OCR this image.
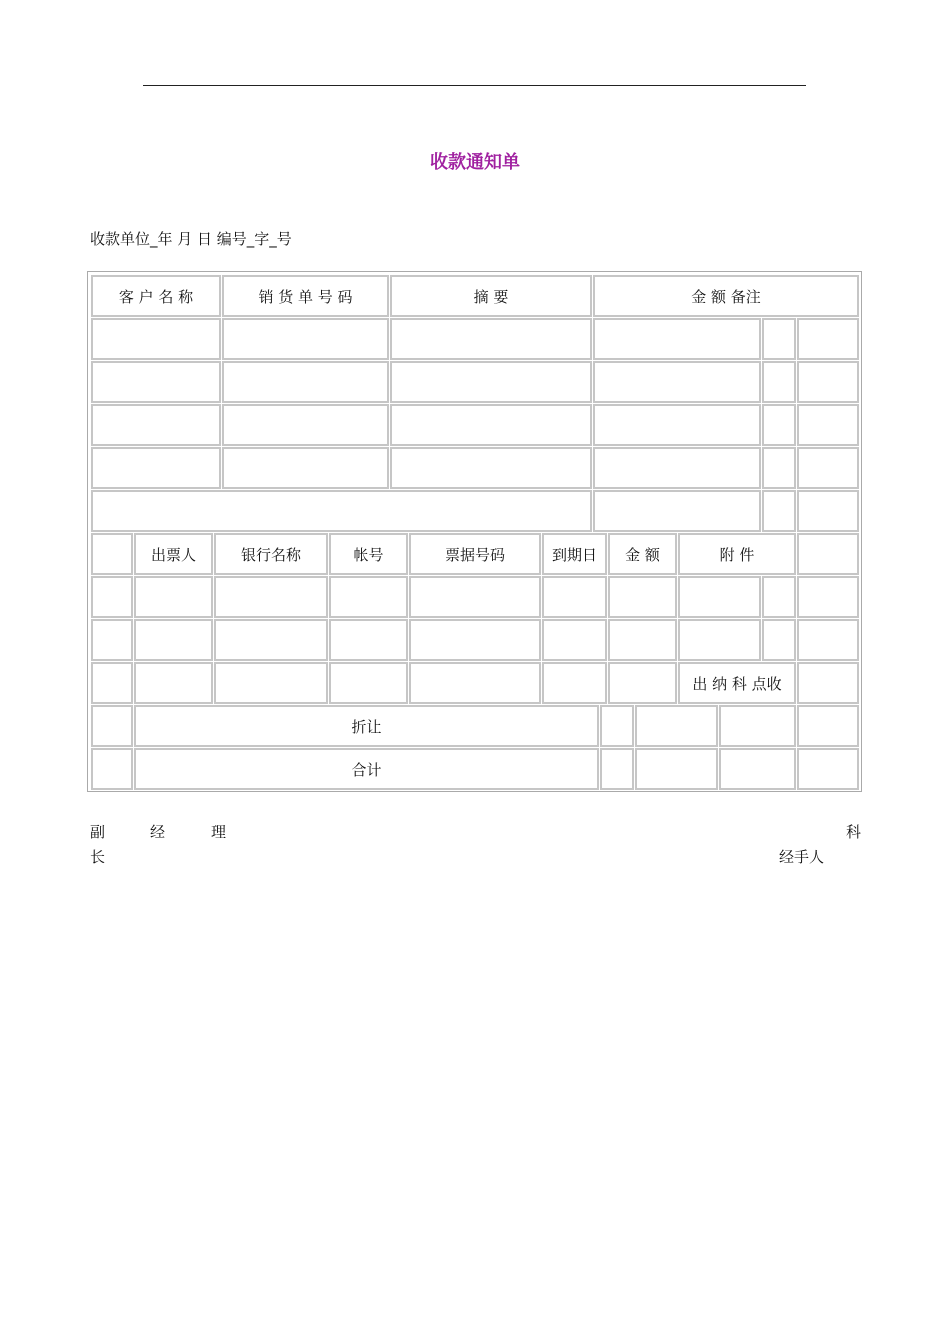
收款通知单
收款单位_年 月 日 编号_字_号
客 户 名 称	销 货 单 号 码	摘 要	金 额 备注
出票人	银行名称	帐号	票据号码	到期日	金 额	附 件
出 纳 科 点收
折让
合计
副	经	理	科
长	经手人
